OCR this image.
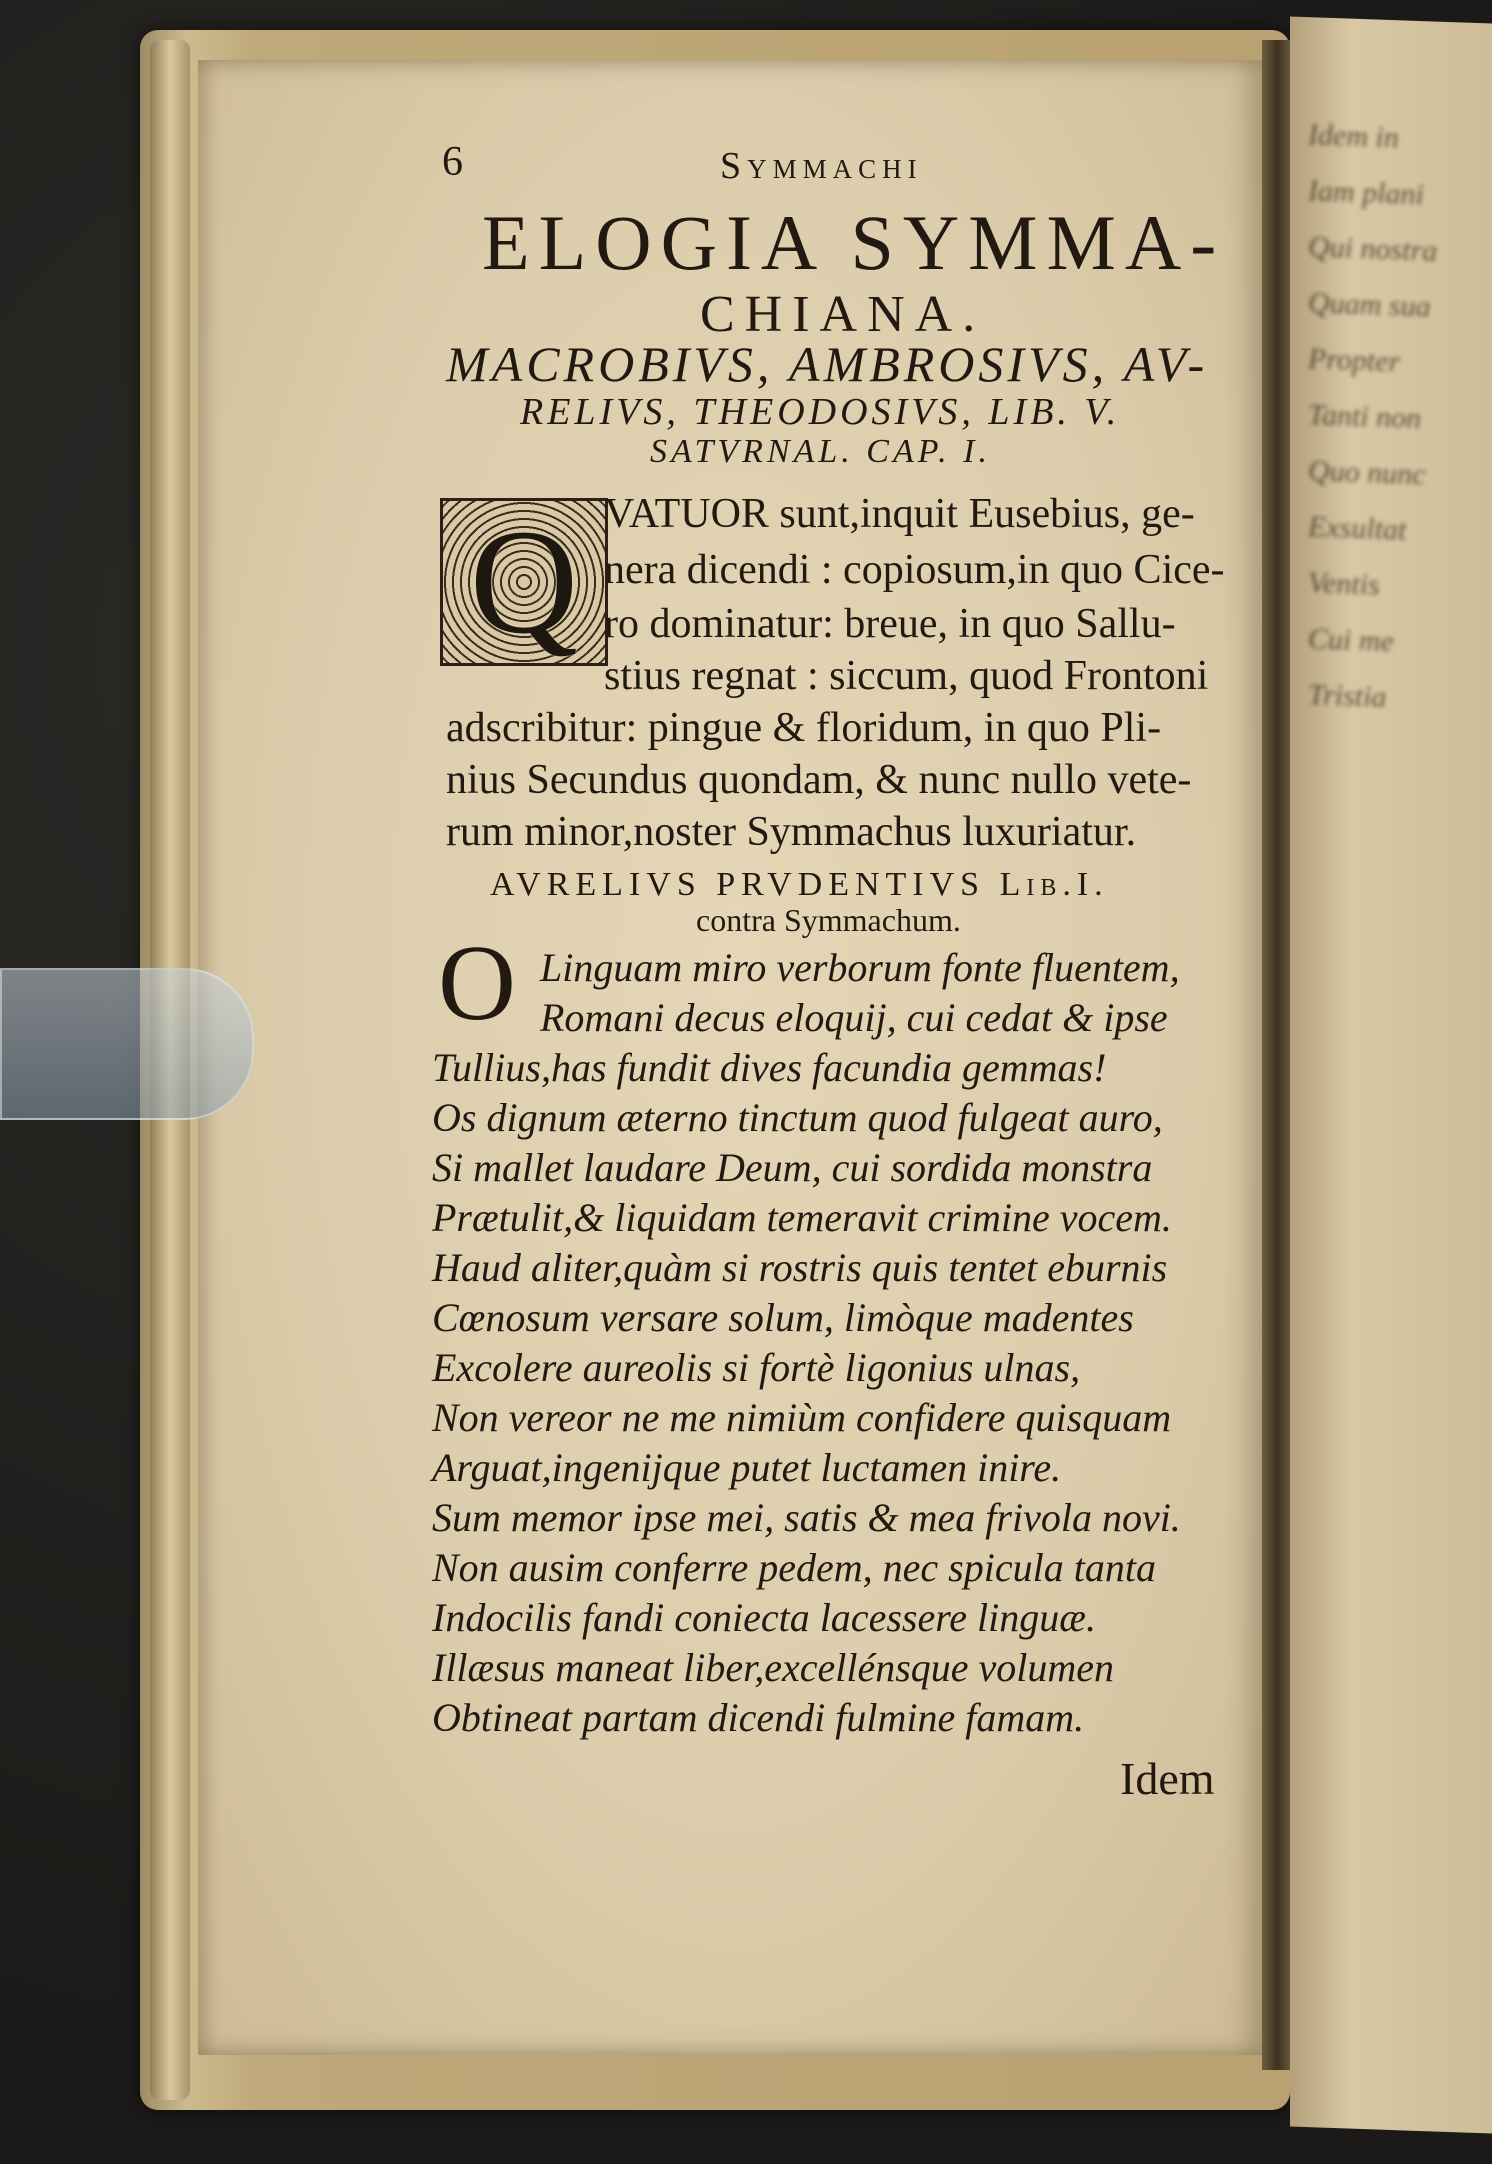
Idem in
Iam plani
Qui nostra
Quam sua
Propter
Tanti non
Quo nunc
Exsultat
Ventis
Cui me
Tristia
6	Symmachi
ELOGIA SYMMA-
CHIANA.
MACROBIVS, AMBROSIVS, AV-
RELIVS, THEODOSIVS, LIB. V.
SATVRNAL. CAP. I.
Q VATUOR sunt,inquit Eusebius, ge-
nera dicendi : copiosum,in quo Cice-
ro dominatur: breue, in quo Sallu-
stius regnat : siccum, quod Frontoni
adscribitur: pingue & floridum, in quo Pli-
nius Secundus quondam, & nunc nullo vete-
rum minor,noster Symmachus luxuriatur.
AVRELIVS PRVDENTIVS Lib.I.
contra Symmachum.
O Linguam miro verborum fonte fluentem,
Romani decus eloquij, cui cedat & ipse
Tullius,has fundit dives facundia gemmas!
Os dignum æterno tinctum quod fulgeat auro,
Si mallet laudare Deum, cui sordida monstra
Prætulit,& liquidam temeravit crimine vocem.
Haud aliter,quàm si rostris quis tentet eburnis
Cœnosum versare solum, limòque madentes
Excolere aureolis si fortè ligonius ulnas,
Non vereor ne me nimiùm confidere quisquam
Arguat,ingenijque putet luctamen inire.
Sum memor ipse mei, satis & mea frivola novi.
Non ausim conferre pedem, nec spicula tanta
Indocilis fandi coniecta lacessere linguæ.
Illæsus maneat liber,excellénsque volumen
Obtineat partam dicendi fulmine famam.
Idem
